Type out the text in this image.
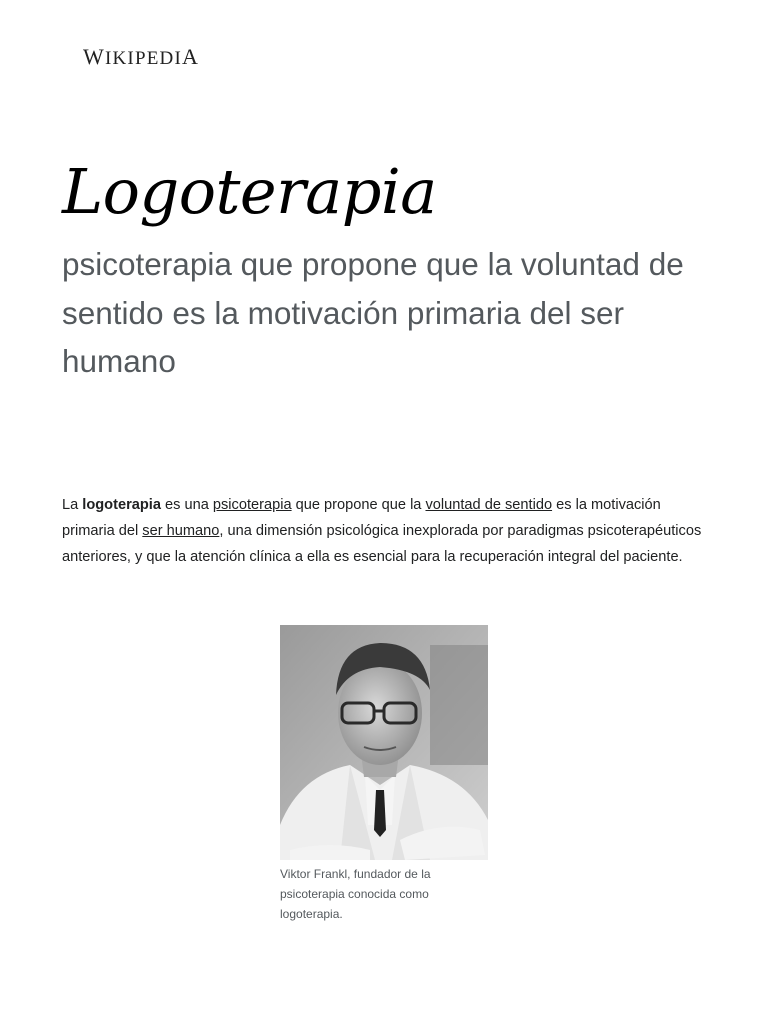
WIKIPEDIA
Logoterapia

psicoterapia que propone que la voluntad de sentido es la motivación primaria del ser humano

La logoterapia es una psicoterapia que propone que la voluntad de sentido es la motivación primaria del ser humano, una dimensión psicológica inexplorada por paradigmas psicoterapéuticos anteriores, y que la atención clínica a ella es esencial para la recuperación integral del paciente.

Viktor Frankl, fundador de la psicoterapia conocida como logoterapia.
